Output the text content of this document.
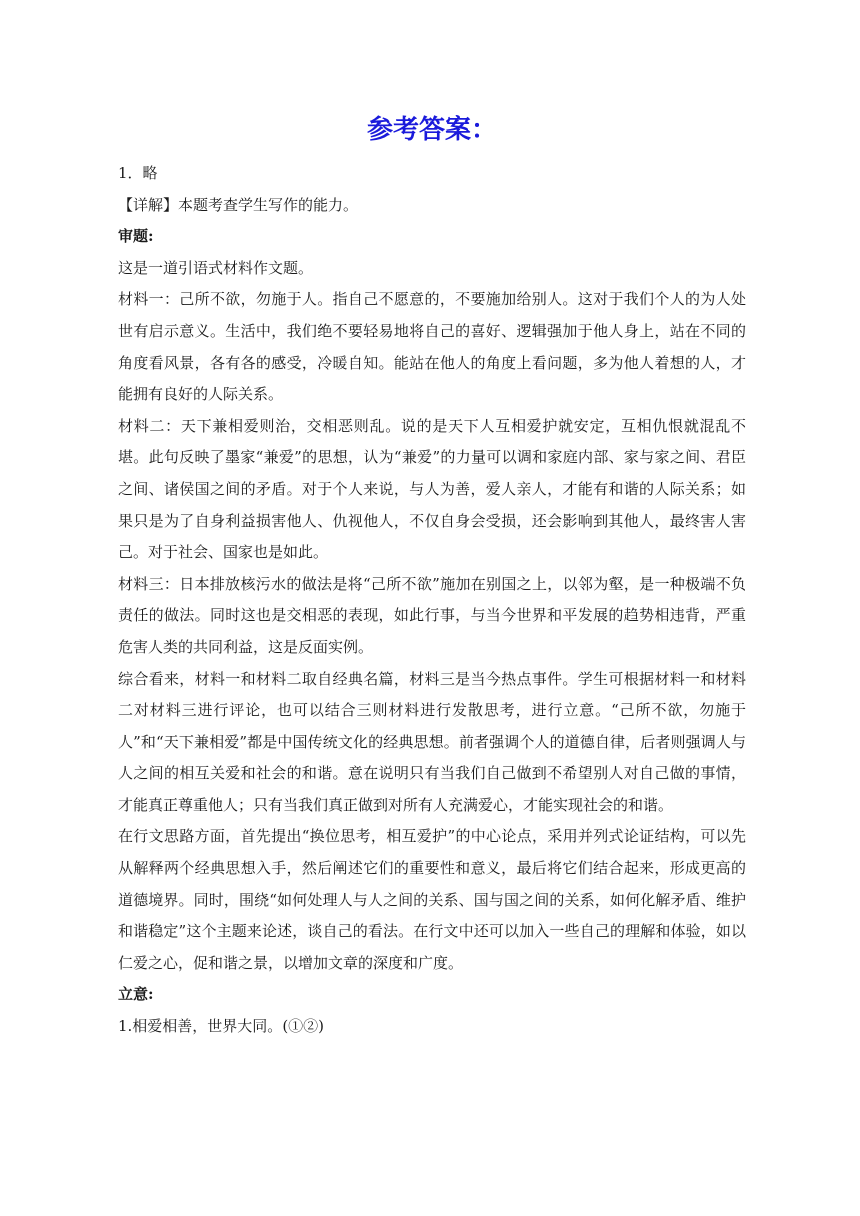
参考答案：

1．略

【详解】本题考查学生写作的能力。

审题:

这是一道引语式材料作文题。

材料一：己所不欲，勿施于人。指自己不愿意的，不要施加给别人。这对于我们个人的为人处世有启示意义。生活中，我们绝不要轻易地将自己的喜好、逻辑强加于他人身上，站在不同的角度看风景，各有各的感受，冷暖自知。能站在他人的角度上看问题，多为他人着想的人，才能拥有良好的人际关系。

材料二：天下兼相爱则治，交相恶则乱。说的是天下人互相爱护就安定，互相仇恨就混乱不堪。此句反映了墨家“兼爱”的思想，认为“兼爱”的力量可以调和家庭内部、家与家之间、君臣之间、诸侯国之间的矛盾。对于个人来说，与人为善，爱人亲人，才能有和谐的人际关系；如果只是为了自身利益损害他人、仇视他人，不仅自身会受损，还会影响到其他人，最终害人害己。对于社会、国家也是如此。

材料三：日本排放核污水的做法是将“己所不欲”施加在别国之上，以邻为壑，是一种极端不负责任的做法。同时这也是交相恶的表现，如此行事，与当今世界和平发展的趋势相违背，严重危害人类的共同利益，这是反面实例。

综合看来，材料一和材料二取自经典名篇，材料三是当今热点事件。学生可根据材料一和材料二对材料三进行评论，也可以结合三则材料进行发散思考，进行立意。“己所不欲，勿施于人”和“天下兼相爱”都是中国传统文化的经典思想。前者强调个人的道德自律，后者则强调人与人之间的相互关爱和社会的和谐。意在说明只有当我们自己做到不希望别人对自己做的事情，才能真正尊重他人；只有当我们真正做到对所有人充满爱心，才能实现社会的和谐。

在行文思路方面，首先提出“换位思考，相互爱护”的中心论点，采用并列式论证结构，可以先从解释两个经典思想入手，然后阐述它们的重要性和意义，最后将它们结合起来，形成更高的道德境界。同时，围绕“如何处理人与人之间的关系、国与国之间的关系，如何化解矛盾、维护和谐稳定”这个主题来论述，谈自己的看法。在行文中还可以加入一些自己的理解和体验，如以仁爱之心，促和谐之景，以增加文章的深度和广度。

立意:

1.相爱相善，世界大同。(①②)
